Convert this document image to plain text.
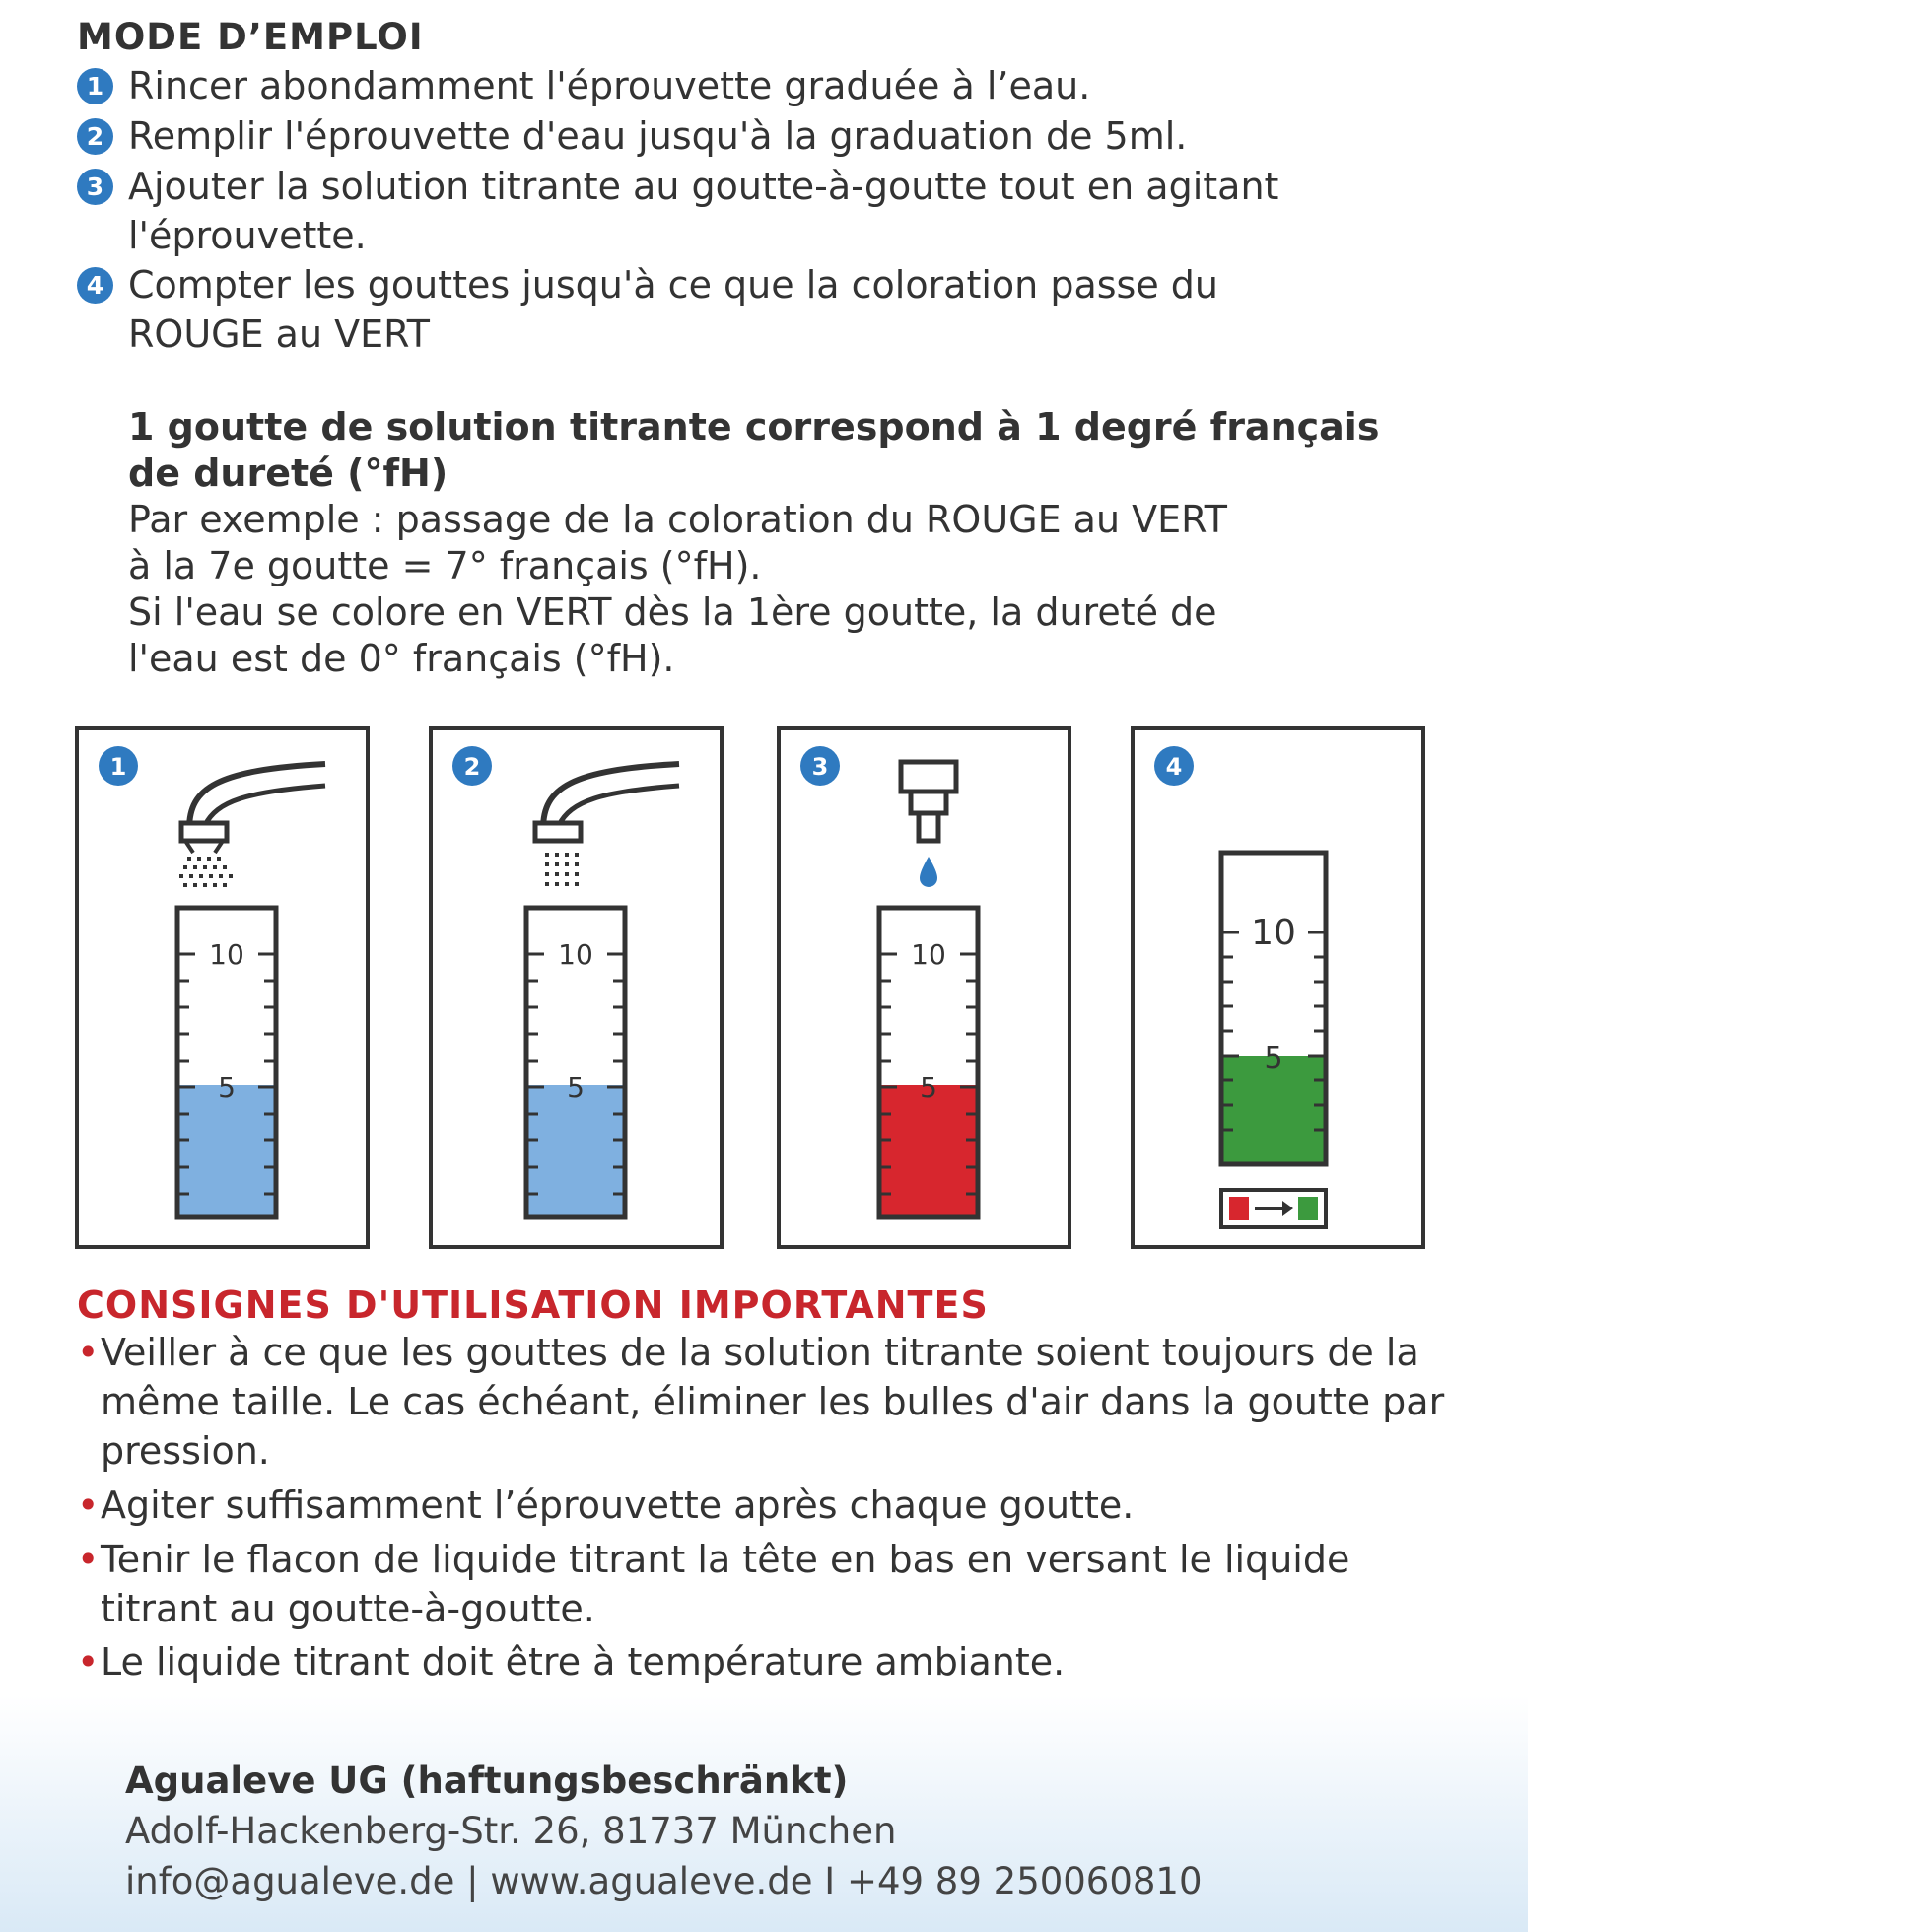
MODE D’EMPLOI
1 Rincer abondamment l'éprouvette graduée à l’eau.
2 Remplir l'éprouvette d'eau jusqu'à la graduation de 5ml.
3 Ajouter la solution titrante au goutte-à-goutte tout en agitant
l'éprouvette.
4 Compter les gouttes jusqu'à ce que la coloration passe du
ROUGE au VERT
1 goutte de solution titrante correspond à 1 degré français
de dureté (°fH)
Par exemple : passage de la coloration du ROUGE au VERT
à la 7e goutte = 7° français (°fH).
Si l'eau se colore en VERT dès la 1ère goutte, la dureté de
l'eau est de 0° français (°fH).
1
10
5
2
10
5
3
10
5
4
10
5
CONSIGNES D'UTILISATION IMPORTANTES
• Veiller à ce que les gouttes de la solution titrante soient toujours de la
même taille. Le cas échéant, éliminer les bulles d'air dans la goutte par
pression.
• Agiter suffisamment l’éprouvette après chaque goutte.
• Tenir le flacon de liquide titrant la tête en bas en versant le liquide
titrant au goutte-à-goutte.
• Le liquide titrant doit être à température ambiante.
Agualeve UG (haftungsbeschränkt)
Adolf-Hackenberg-Str. 26, 81737 München
info@agualeve.de | www.agualeve.de I +49 89 250060810
